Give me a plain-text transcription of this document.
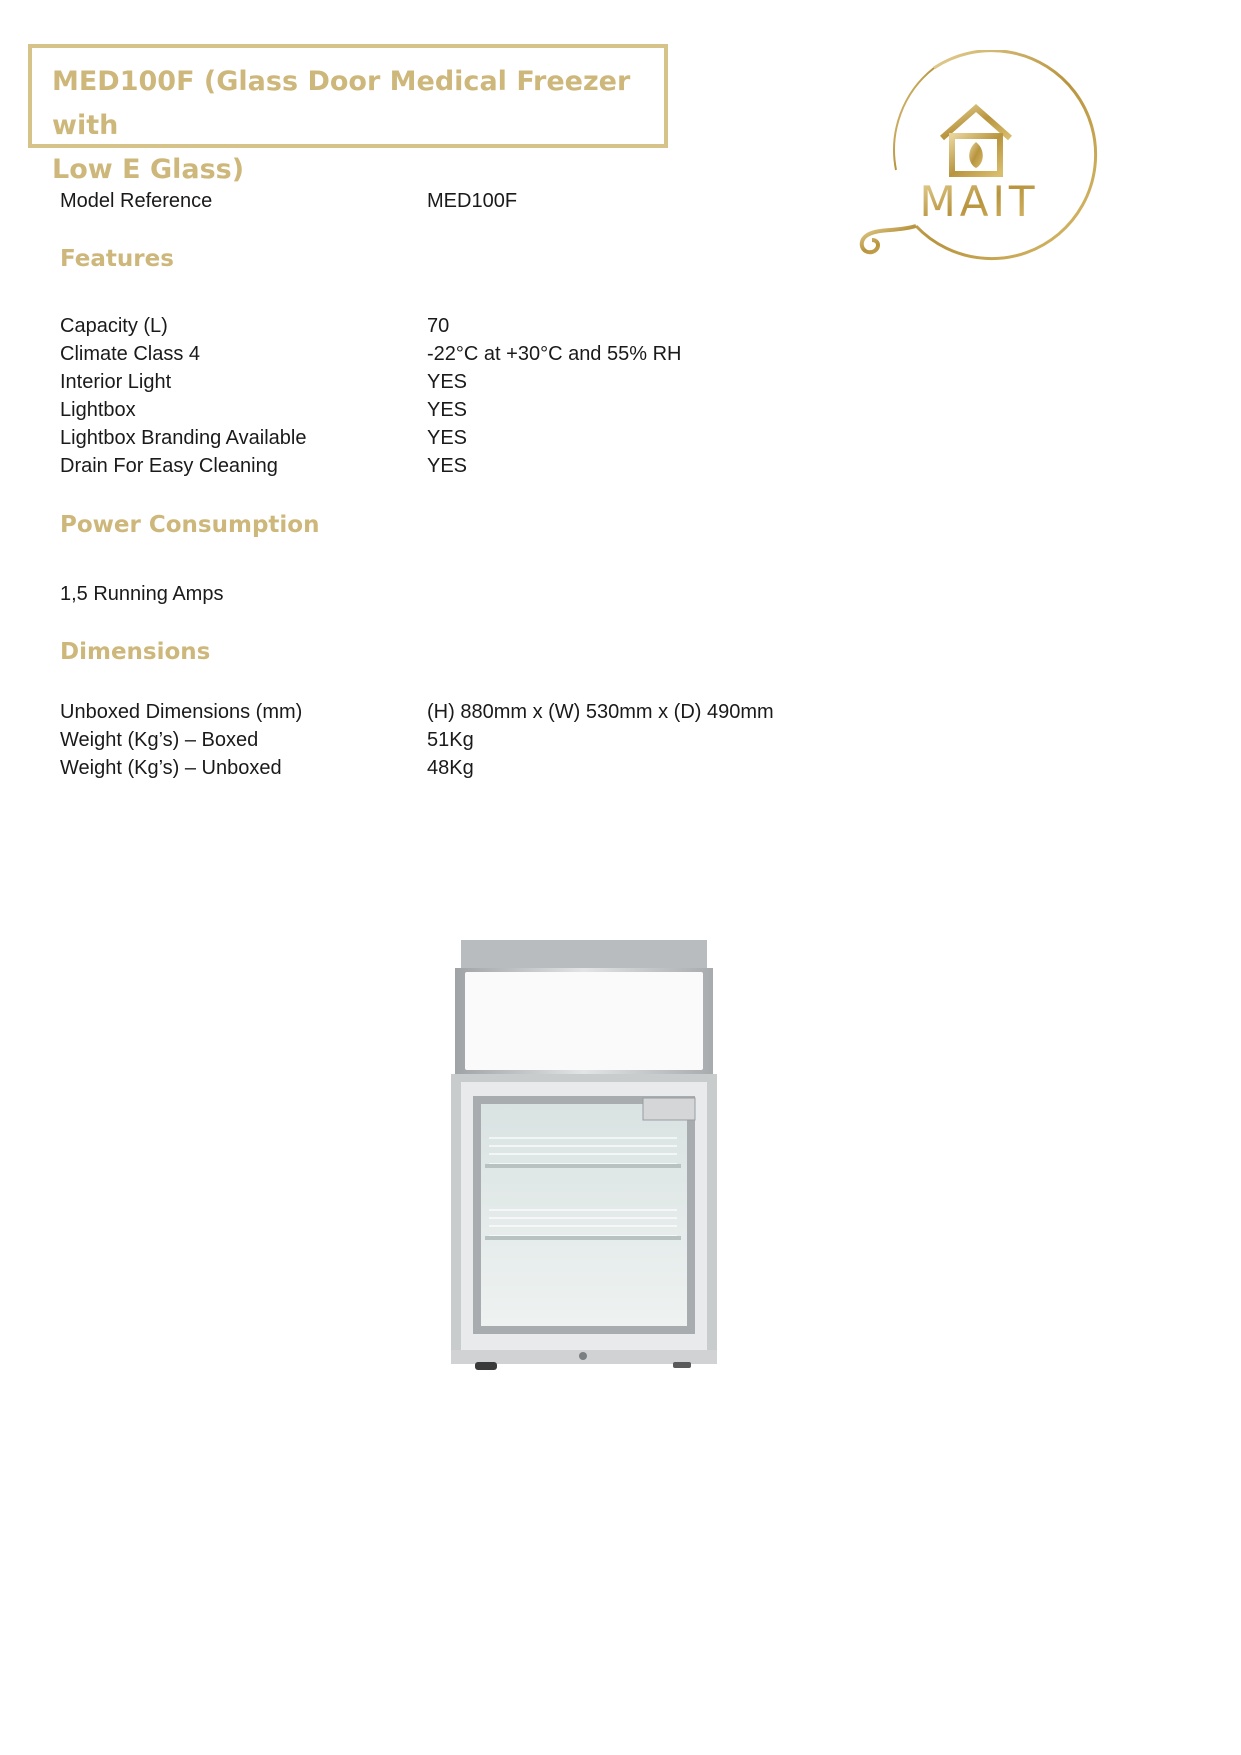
MED100F (Glass Door Medical Freezer with
Low E Glass)
MAIT
Model Reference	MED100F
Features
Capacity (L)	70
Climate Class 4	-22°C at +30°C and 55% RH
Interior Light	YES
Lightbox	YES
Lightbox Branding Available	YES
Drain For Easy Cleaning	YES
Power Consumption
1,5 Running Amps
Dimensions
Unboxed Dimensions (mm)	(H) 880mm x (W) 530mm x (D) 490mm
Weight (Kg’s) – Boxed	51Kg
Weight (Kg’s) – Unboxed	48Kg
